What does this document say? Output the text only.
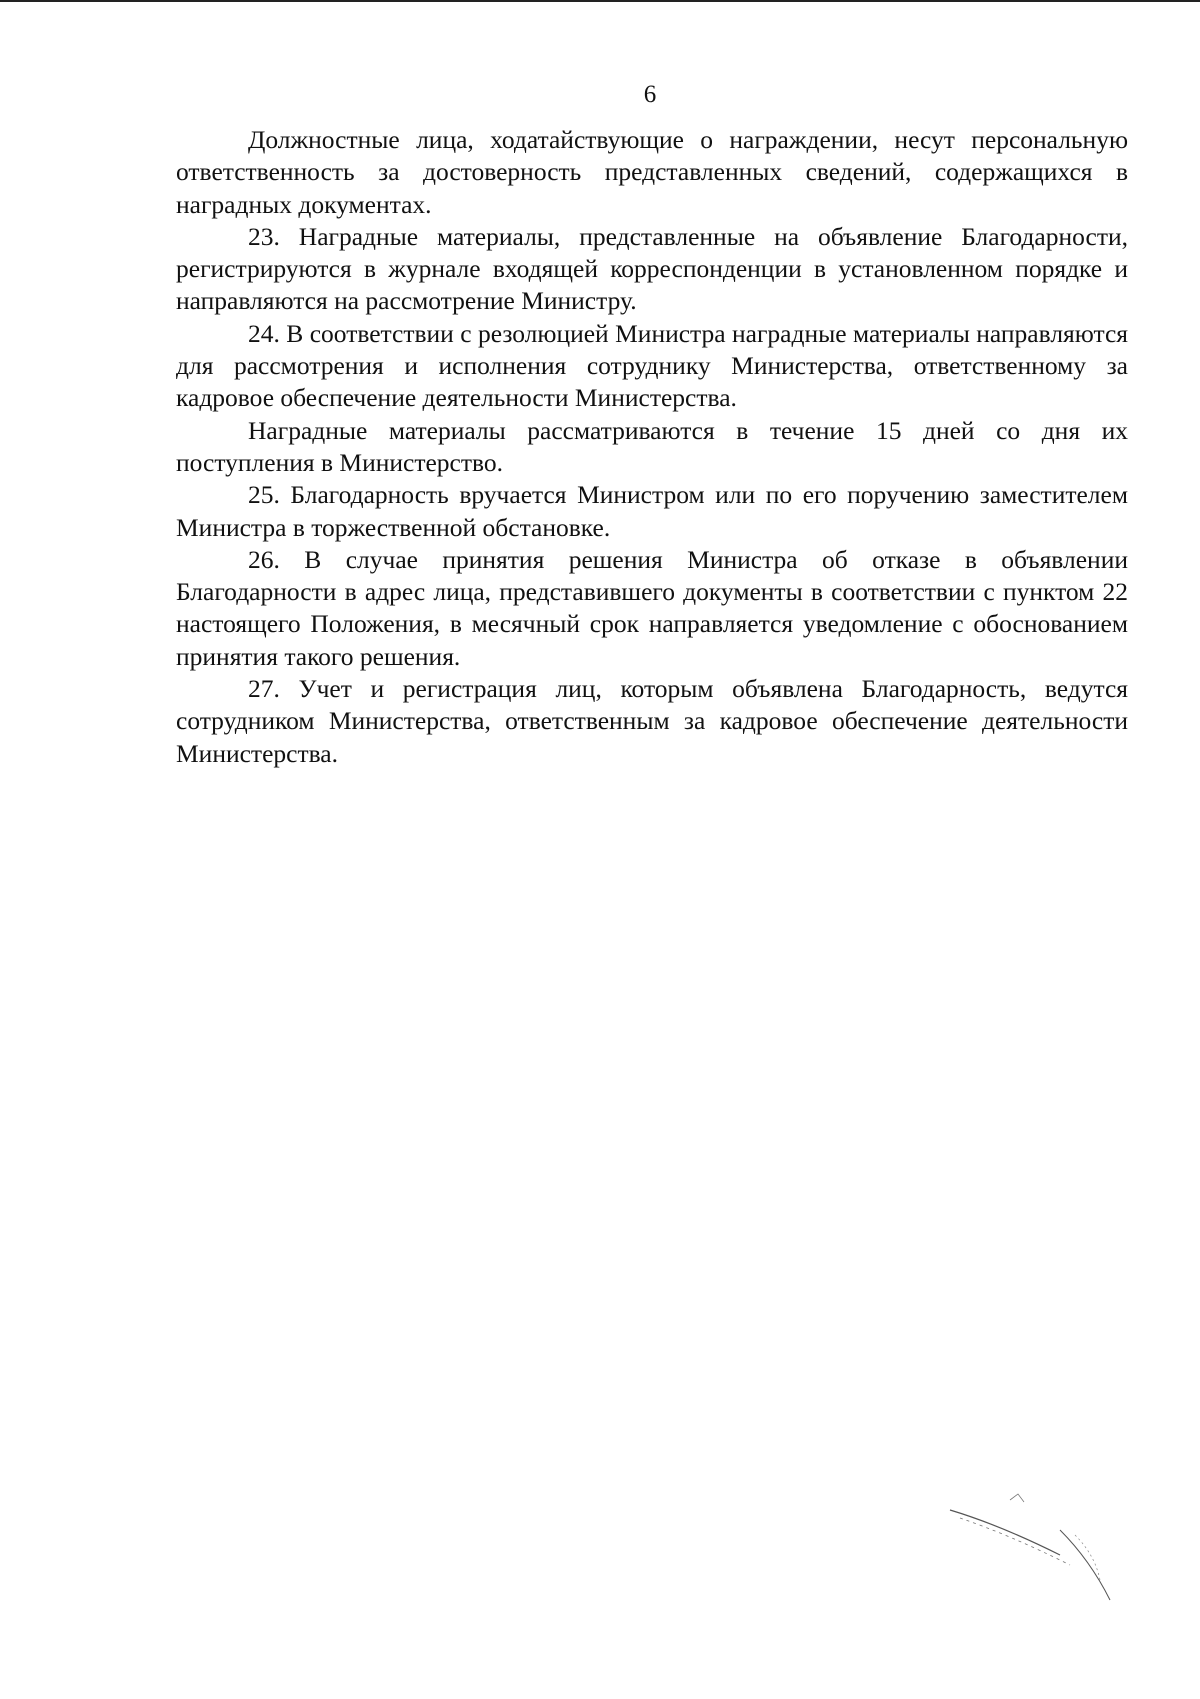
6

Должностные лица, ходатайствующие о награждении, несут персональную ответственность за достоверность представленных сведений, содержащихся в наградных документах.

23. Наградные материалы, представленные на объявление Благодарности, регистрируются в журнале входящей корреспонденции в установленном порядке и направляются на рассмотрение Министру.

24. В соответствии с резолюцией Министра наградные материалы направляются для рассмотрения и исполнения сотруднику Министерства, ответственному за кадровое обеспечение деятельности Министерства.

Наградные материалы рассматриваются в течение 15 дней со дня их поступления в Министерство.

25. Благодарность вручается Министром или по его поручению заместителем Министра в торжественной обстановке.

26. В случае принятия решения Министра об отказе в объявлении Благодарности в адрес лица, представившего документы в соответствии с пунктом 22 настоящего Положения, в месячный срок направляется уведомление с обоснованием принятия такого решения.

27. Учет и регистрация лиц, которым объявлена Благодарность, ведутся сотрудником Министерства, ответственным за кадровое обеспечение деятельности Министерства.
